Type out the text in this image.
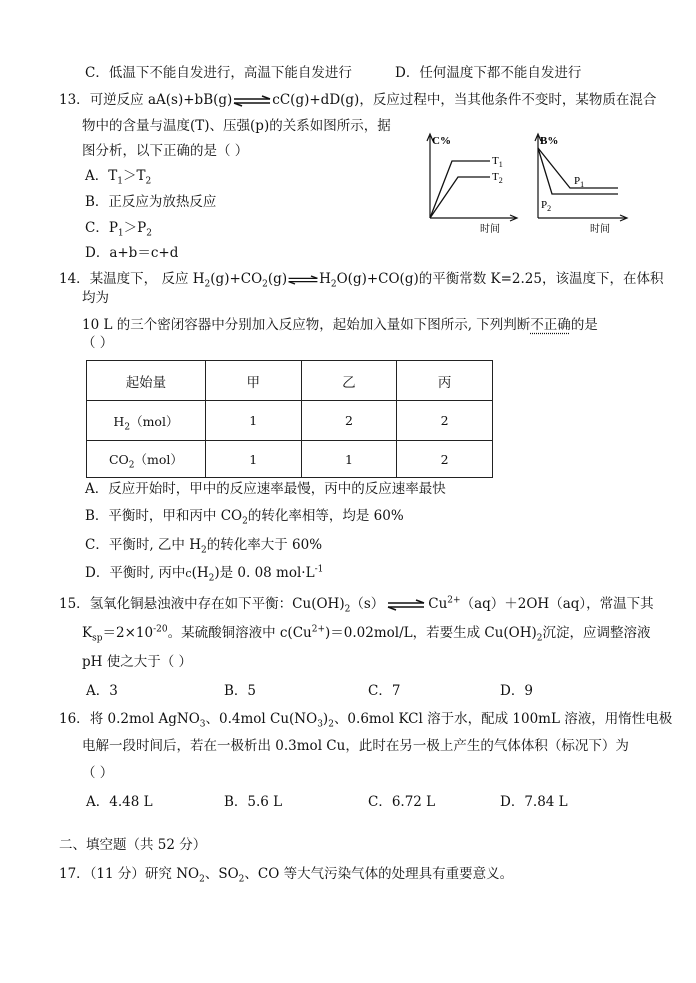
C．低温下不能自发进行，高温下能自发进行	D．任何温度下都不能自发进行
13．可逆反应 aA(s)+bB(g)⇌cC(g)+dD(g)，反应过程中，当其他条件不变时，某物质在混合
物中的含量与温度(T)、压强(p)的关系如图所示，据
图分析，以下正确的是（ ）
A．$T_1>T_2$
B．正反应为放热反应
C．$P_1>P_2$
D．a+b＝c+d
C%
$T_1$
$T_2$
时间
B%
$P_1$
$P_2$
时间
14．某温度下， 反应 $H_2(g)+CO_2(g)\rightleftharpoons H_2O(g)+CO(g)$的平衡常数 K=2.25，该温度下，在体积
均为
10 L 的三个密闭容器中分别加入反应物，起始加入量如下图所示, 下列判断不正确的是
（ ）
起始量	甲	乙	丙
$H_2(mol)$	1	2	2
$CO_2(mol)$	1	1	2
A．反应开始时，甲中的反应速率最慢，丙中的反应速率最快
B．平衡时，甲和丙中 $CO_2$的转化率相等，均是 60%
C．平衡时, 乙中 $H_2$的转化率大于 60%
D．平衡时, 丙中$c(H_2)$是 0. 08 $mol\cdot L^{-1}$
15．氢氧化铜悬浊液中存在如下平衡：$Cu(OH)_2(s)\rightleftharpoons Cu^{2+}(aq)+2OH(aq)$，常温下其
$K_{sp}=2\times 10^{-20}$。某硫酸铜溶液中 $c(Cu^{2+})=0.02mol/L$，若要生成 $Cu(OH)_2$沉淀，应调整溶液
pH 使之大于（ ）
A．3	B．5	C．7	D．9
16．将 0.2mol AgNO$_3$、0.4mol $Cu(NO_3)_2$、0.6mol KCl 溶于水，配成 100mL 溶液，用惰性电极
电解一段时间后，若在一极析出 0.3mol Cu，此时在另一极上产生的气体体积（标况下）为
（ ）
A．4.48 L	B．5.6 L	C．6.72 L	D．7.84 L
二、填空题（共 52 分）
17．（11 分）研究 $NO_2$、$SO_2$、CO 等大气污染气体的处理具有重要意义。
